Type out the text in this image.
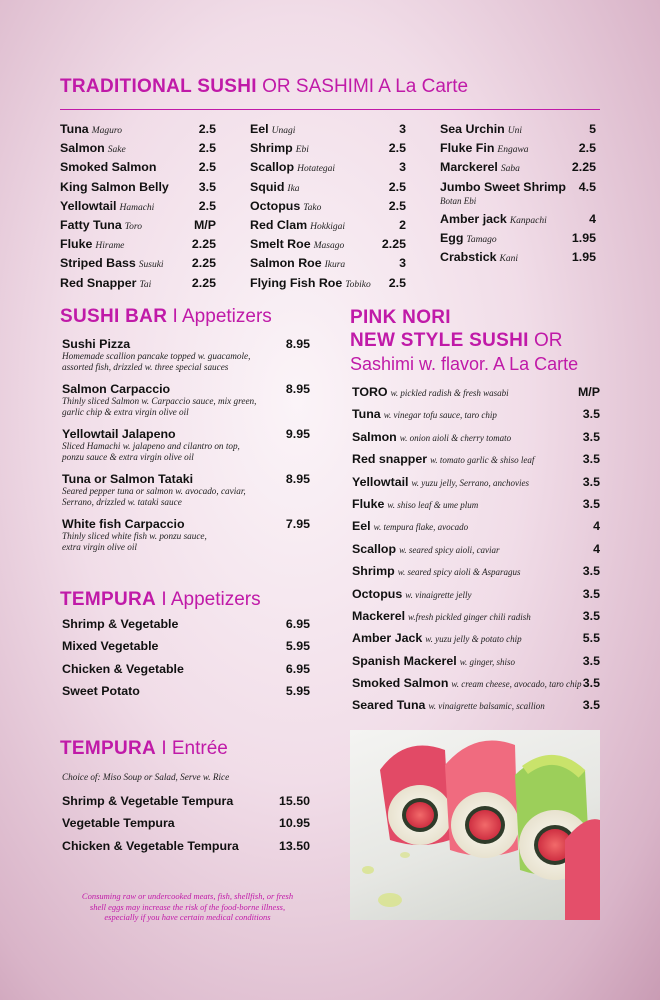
TRADITIONAL SUSHI OR SASHIMI A La Carte
Tuna Maguro	2.5
Salmon Sake	2.5
Smoked Salmon	2.5
King Salmon Belly 3.5
Yellowtail Hamachi	2.5
Fatty Tuna Toro	M/P
Fluke Hirame	2.25
Striped Bass Susuki 2.25
Red Snapper Tai	2.25
Eel Unagi	3
Shrimp Ebi	2.5
Scallop Hotategai	3
Squid Ika	2.5
Octopus Tako	2.5
Red Clam Hokkigai	2
Smelt Roe Masago	2.25
Salmon Roe Ikura	3
Flying Fish Roe Tobiko 2.5
Sea Urchin Uni	5
Fluke Fin Engawa	2.5
Marckerel Saba	2.25
Jumbo Sweet Shrimp 4.5
Botan Ebi
Amber jack Kanpachi	4
Egg Tamago	1.95
Crabstick Kani	1.95
SUSHI BAR I Appetizers
Sushi Pizza	8.95
Homemade scallion pancake topped w. guacamole,
assorted fish, drizzled w. three special sauces
Salmon Carpaccio	8.95
Thinly sliced Salmon w. Carpaccio sauce, mix green,
garlic chip & extra virgin olive oil
Yellowtail Jalapeno	9.95
Sliced Hamachi w. jalapeno and cilantro on top,
ponzu sauce & extra virgin olive oil
Tuna or Salmon Tataki	8.95
Seared pepper tuna or salmon w. avocado, caviar,
Serrano, drizzled w. tataki sauce
White fish Carpaccio	7.95
Thinly sliced white fish w. ponzu sauce,
extra virgin olive oil
TEMPURA I Appetizers
Shrimp & Vegetable	6.95
Mixed Vegetable	5.95
Chicken & Vegetable	6.95
Sweet Potato	5.95
TEMPURA I Entrée
Choice of: Miso Soup or Salad, Serve w. Rice
Shrimp & Vegetable Tempura	15.50
Vegetable Tempura	10.95
Chicken & Vegetable Tempura	13.50
PINK NORI
NEW STYLE SUSHI OR
Sashimi w. flavor. A La Carte
TORO w. pickled radish & fresh wasabi	M/P
Tuna w. vinegar tofu sauce, taro chip	3.5
Salmon w. onion aioli & cherry tomato	3.5
Red snapper w. tomato garlic & shiso leaf	3.5
Yellowtail w. yuzu jelly, Serrano, anchovies	3.5
Fluke w. shiso leaf & ume plum	3.5
Eel w. tempura flake, avocado	4
Scallop w. seared spicy aioli, caviar	4
Shrimp w. seared spicy aioli & Asparagus	3.5
Octopus w. vinaigrette jelly	3.5
Mackerel w.fresh pickled ginger chili radish	3.5
Amber Jack w. yuzu jelly & potato chip	5.5
Spanish Mackerel w. ginger, shiso	3.5
Smoked Salmon w. cream cheese, avocado, taro chip 3.5
Seared Tuna w. vinaigrette balsamic, scallion	3.5
Consuming raw or undercooked meats, fish, shellfish, or fresh shell eggs may increase the risk of the food-borne illness, especially if you have certain medical conditions
